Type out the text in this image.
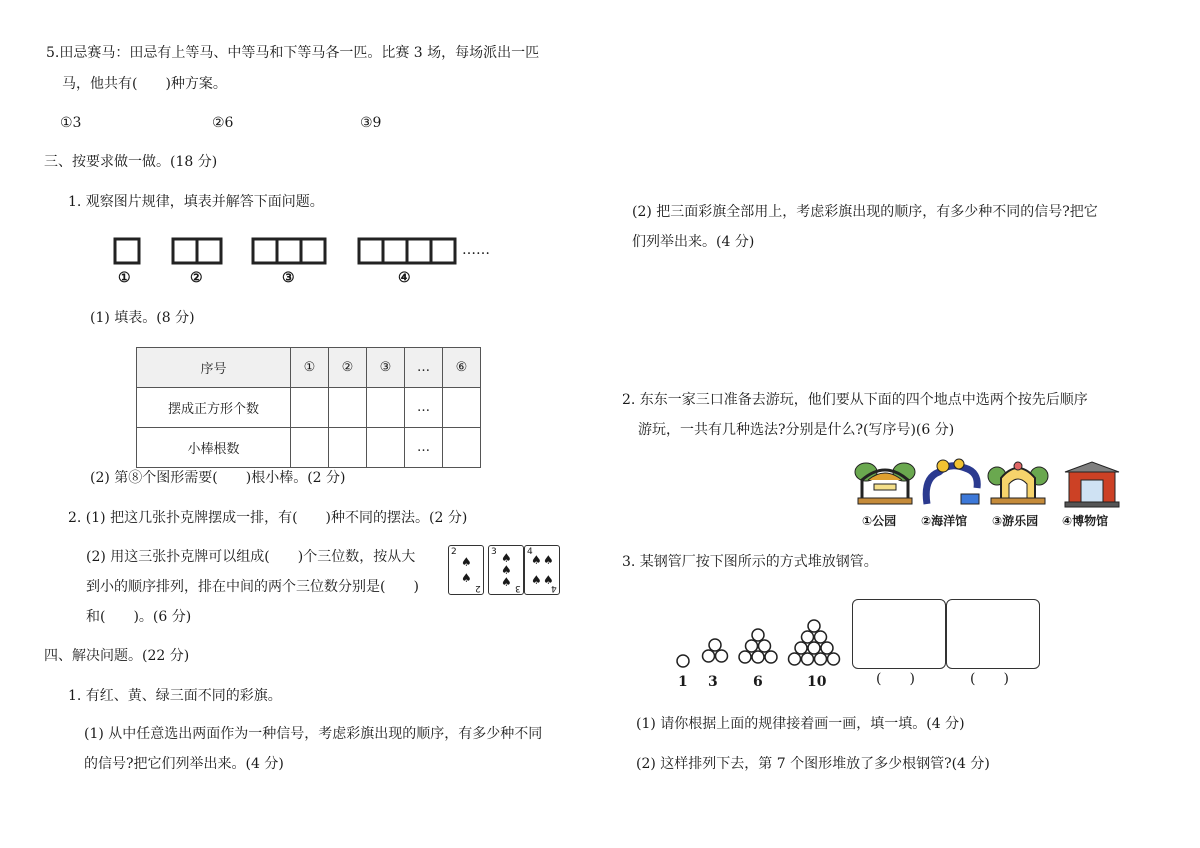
5.田忌赛马：田忌有上等马、中等马和下等马各一匹。比赛 3 场，每场派出一匹
马，他共有(　　)种方案。
①3	②6	③9
三、按要求做一做。(18 分)
1. 观察图片规律，填表并解答下面问题。
①	②	③	④
……
(1) 填表。(8 分)
序号	①	②	③	…	⑥
摆成正方形个数				…	
小棒根数				…	
(2) 第⑧个图形需要(　　)根小棒。(2 分)
2. (1) 把这几张扑克牌摆成一排，有(　　)种不同的摆法。(2 分)
(2) 用这三张扑克牌可以组成(　　)个三位数，按从大
到小的顺序排列，排在中间的两个三位数分别是(　　)
和(　　)。(6 分)
2
♠
♠
2
3 ♠
♠
♠ 3
4
♠ ♠
♠ ♠
4
四、解决问题。(22 分)
1. 有红、黄、绿三面不同的彩旗。
(1) 从中任意选出两面作为一种信号，考虑彩旗出现的顺序，有多少种不同
的信号?把它们列举出来。(4 分)
(2) 把三面彩旗全部用上，考虑彩旗出现的顺序，有多少种不同的信号?把它
们列举出来。(4 分)
2. 东东一家三口准备去游玩，他们要从下面的四个地点中选两个按先后顺序
游玩，一共有几种选法?分别是什么?(写序号)(6 分)
①公园 ②海洋馆 ③游乐园 ④博物馆
3. 某钢管厂按下图所示的方式堆放钢管。
1 3	6	10	(　　)	(　　)
(1) 请你根据上面的规律接着画一画，填一填。(4 分)
(2) 这样排列下去，第 7 个图形堆放了多少根钢管?(4 分)
